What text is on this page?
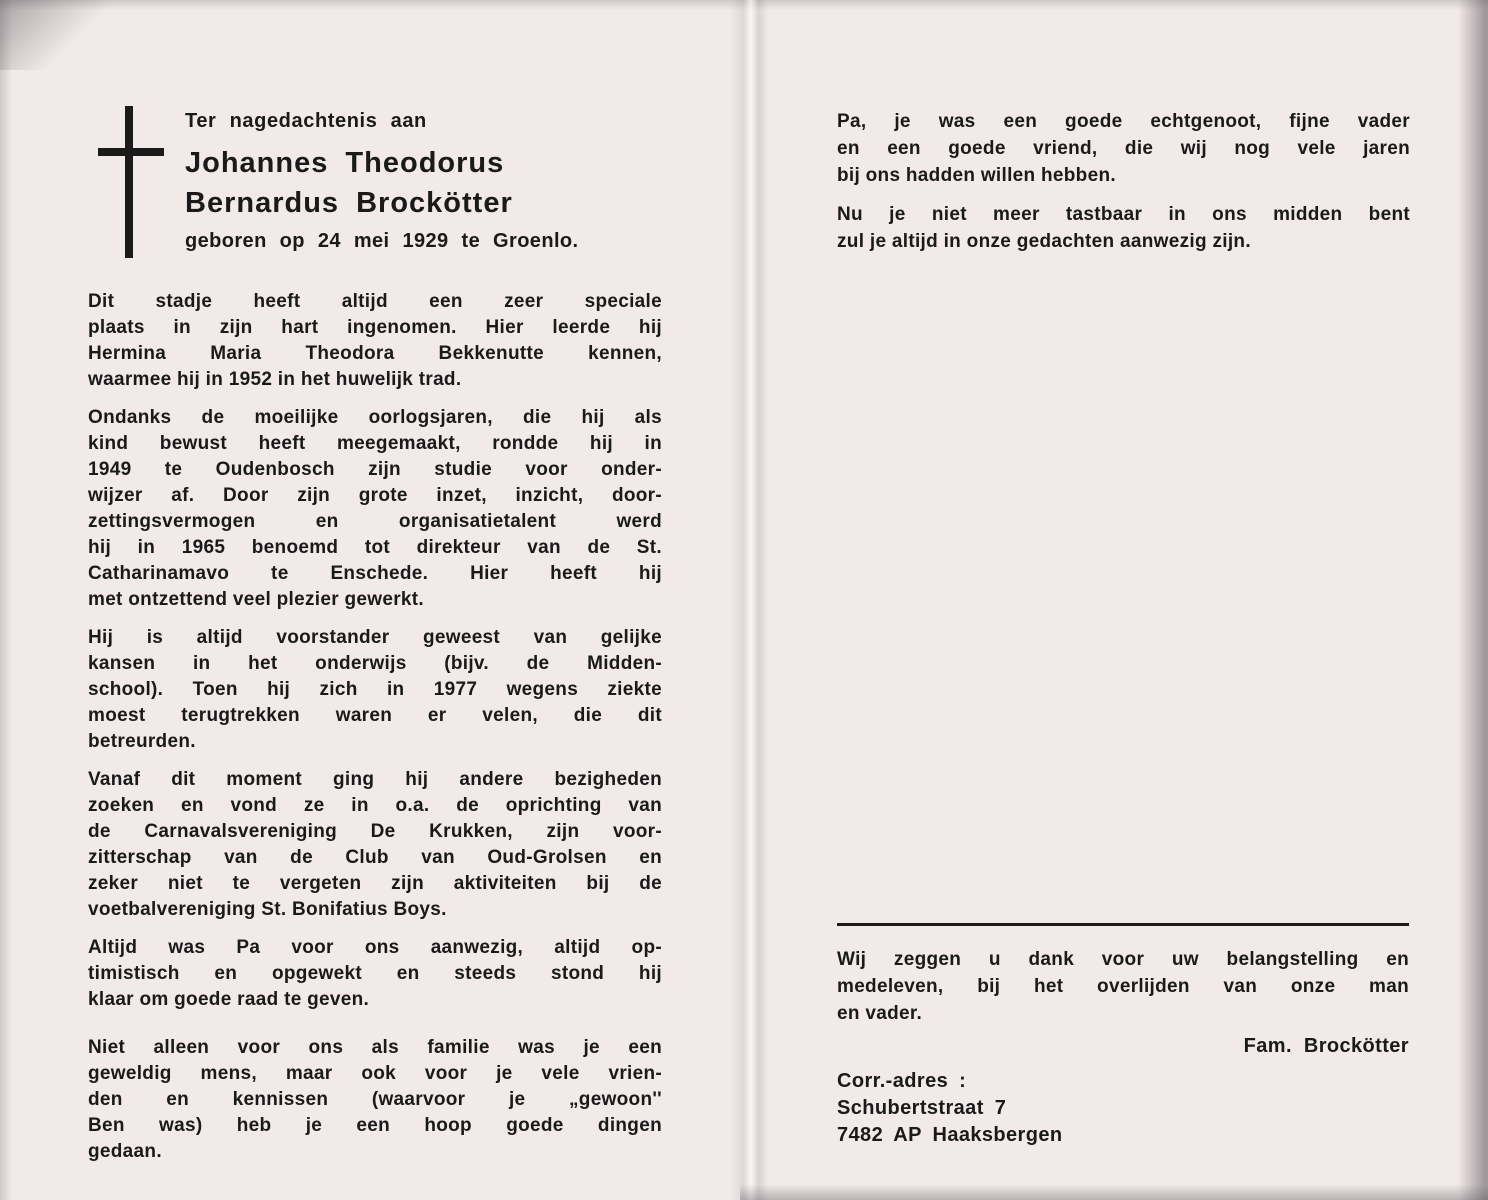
Ter nagedachtenis aan
Johannes Theodorus
Bernardus Brockötter
geboren op 24 mei 1929 te Groenlo.
Dit stadje heeft altijd een zeer speciale
plaats in zijn hart ingenomen. Hier leerde hij
Hermina Maria Theodora Bekkenutte kennen,
waarmee hij in 1952 in het huwelijk trad.
Ondanks de moeilijke oorlogsjaren, die hij als
kind bewust heeft meegemaakt, rondde hij in
1949 te Oudenbosch zijn studie voor onder-
wijzer af. Door zijn grote inzet, inzicht, door-
zettingsvermogen en organisatietalent werd
hij in 1965 benoemd tot direkteur van de St.
Catharinamavo te Enschede. Hier heeft hij
met ontzettend veel plezier gewerkt.
Hij is altijd voorstander geweest van gelijke
kansen in het onderwijs (bijv. de Midden-
school). Toen hij zich in 1977 wegens ziekte
moest terugtrekken waren er velen, die dit
betreurden.
Vanaf dit moment ging hij andere bezigheden
zoeken en vond ze in o.a. de oprichting van
de Carnavalsvereniging De Krukken, zijn voor-
zitterschap van de Club van Oud-Grolsen en
zeker niet te vergeten zijn aktiviteiten bij de
voetbalvereniging St. Bonifatius Boys.
Altijd was Pa voor ons aanwezig, altijd op-
timistisch en opgewekt en steeds stond hij
klaar om goede raad te geven.
Niet alleen voor ons als familie was je een
geweldig mens, maar ook voor je vele vrien-
den en kennissen (waarvoor je „gewoon''
Ben was) heb je een hoop goede dingen
gedaan.
Pa, je was een goede echtgenoot, fijne vader
en een goede vriend, die wij nog vele jaren
bij ons hadden willen hebben.
Nu je niet meer tastbaar in ons midden bent
zul je altijd in onze gedachten aanwezig zijn.
Wij zeggen u dank voor uw belangstelling en
medeleven, bij het overlijden van onze man
en vader.
Fam. Brockötter
Corr.-adres :
Schubertstraat 7
7482 AP Haaksbergen
